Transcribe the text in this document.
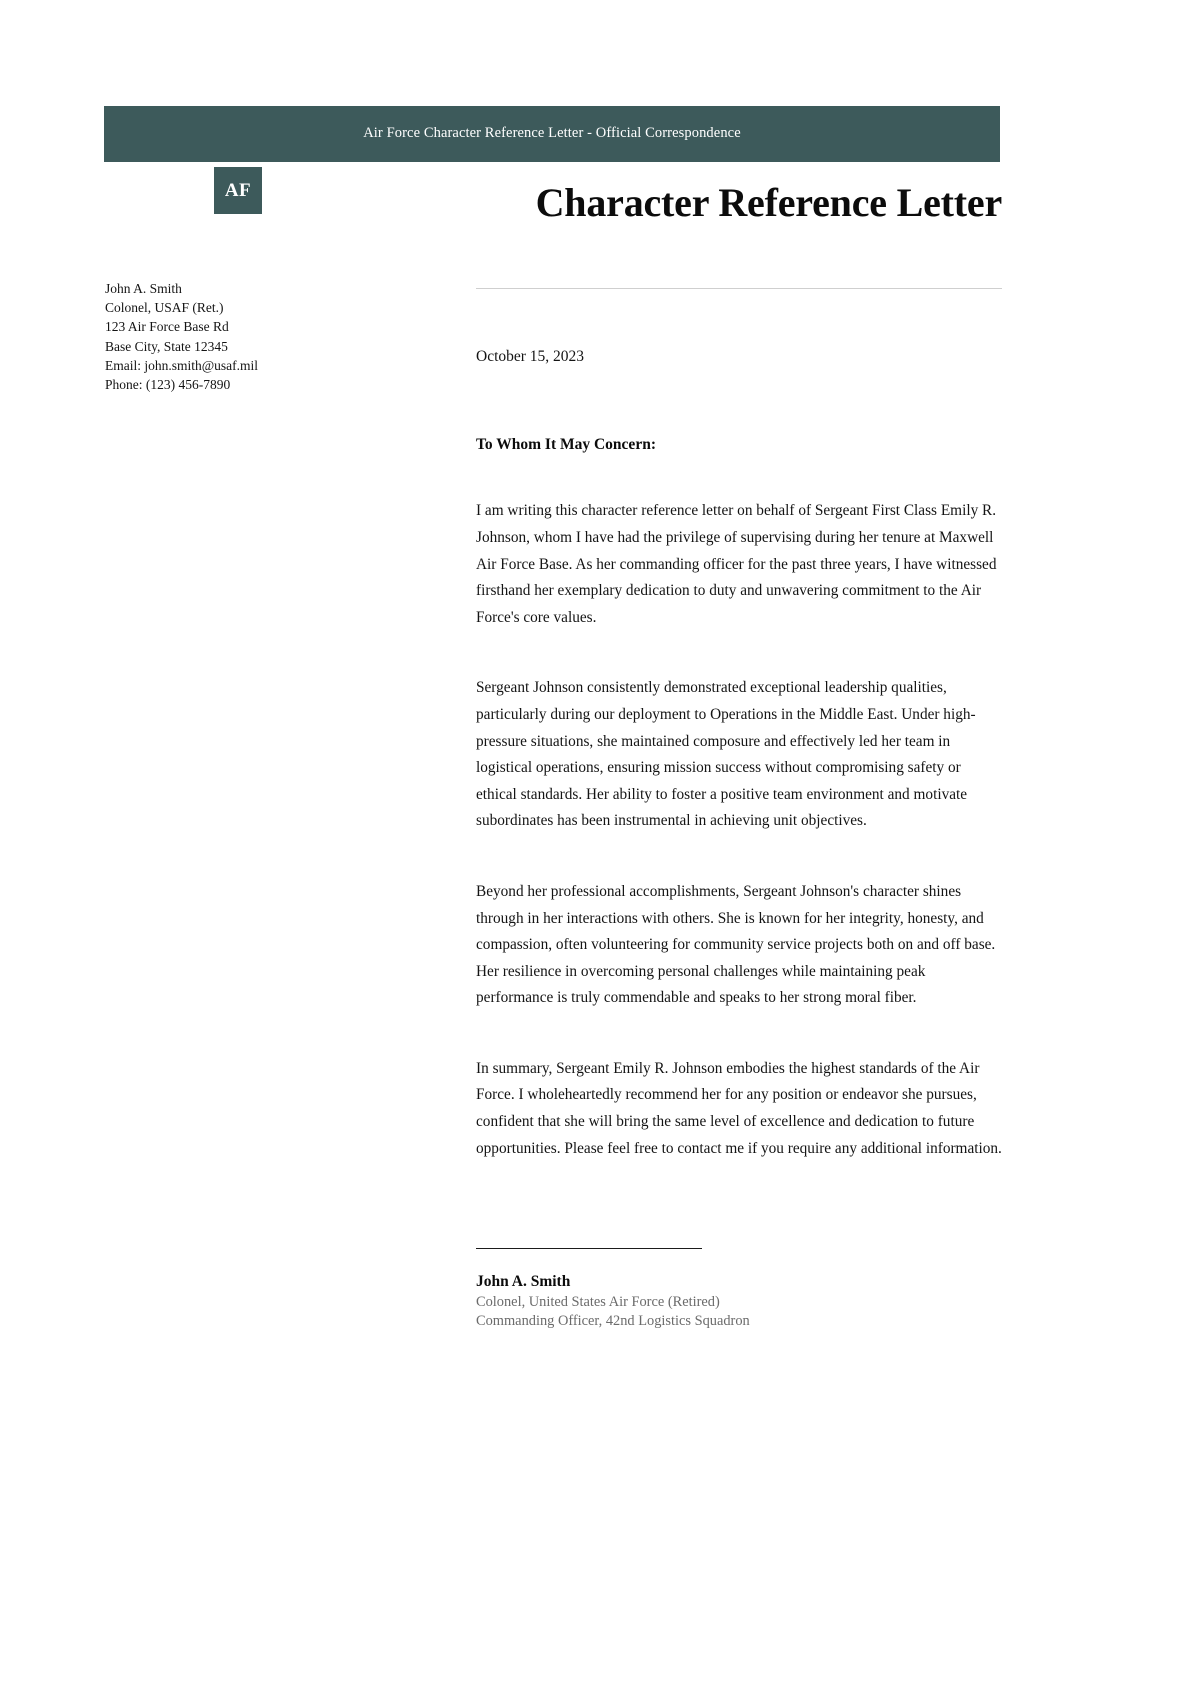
Air Force Character Reference Letter - Official Correspondence
AF
John A. Smith
Colonel, USAF (Ret.)
123 Air Force Base Rd
Base City, State 12345
Email: john.smith@usaf.mil
Phone: (123) 456-7890
Character Reference Letter
October 15, 2023
To Whom It May Concern:

I am writing this character reference letter on behalf of Sergeant First Class Emily R. Johnson, whom I have had the privilege of supervising during her tenure at Maxwell Air Force Base. As her commanding officer for the past three years, I have witnessed firsthand her exemplary dedication to duty and unwavering commitment to the Air Force's core values.

Sergeant Johnson consistently demonstrated exceptional leadership qualities, particularly during our deployment to Operations in the Middle East. Under high-pressure situations, she maintained composure and effectively led her team in logistical operations, ensuring mission success without compromising safety or ethical standards. Her ability to foster a positive team environment and motivate subordinates has been instrumental in achieving unit objectives.

Beyond her professional accomplishments, Sergeant Johnson's character shines through in her interactions with others. She is known for her integrity, honesty, and compassion, often volunteering for community service projects both on and off base. Her resilience in overcoming personal challenges while maintaining peak performance is truly commendable and speaks to her strong moral fiber.

In summary, Sergeant Emily R. Johnson embodies the highest standards of the Air Force. I wholeheartedly recommend her for any position or endeavor she pursues, confident that she will bring the same level of excellence and dedication to future opportunities. Please feel free to contact me if you require any additional information.

John A. Smith
Colonel, United States Air Force (Retired)
Commanding Officer, 42nd Logistics Squadron
